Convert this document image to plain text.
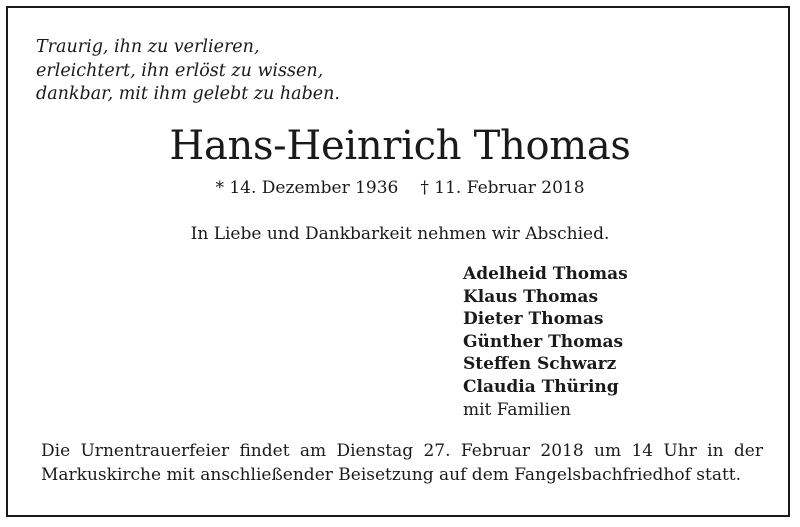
Traurig, ihn zu verlieren,
erleichtert, ihn erlöst zu wissen,
dankbar, mit ihm gelebt zu haben.
Hans-Heinrich Thomas
* 14. Dezember 1936 † 11. Februar 2018
In Liebe und Dankbarkeit nehmen wir Abschied.
Adelheid Thomas
Klaus Thomas
Dieter Thomas
Günther Thomas
Steffen Schwarz
Claudia Thüring
mit Familien
Die Urnentrauerfeier findet am Dienstag 27. Februar 2018 um 14 Uhr in der
Markuskirche mit anschließender Beisetzung auf dem Fangelsbachfriedhof statt.
